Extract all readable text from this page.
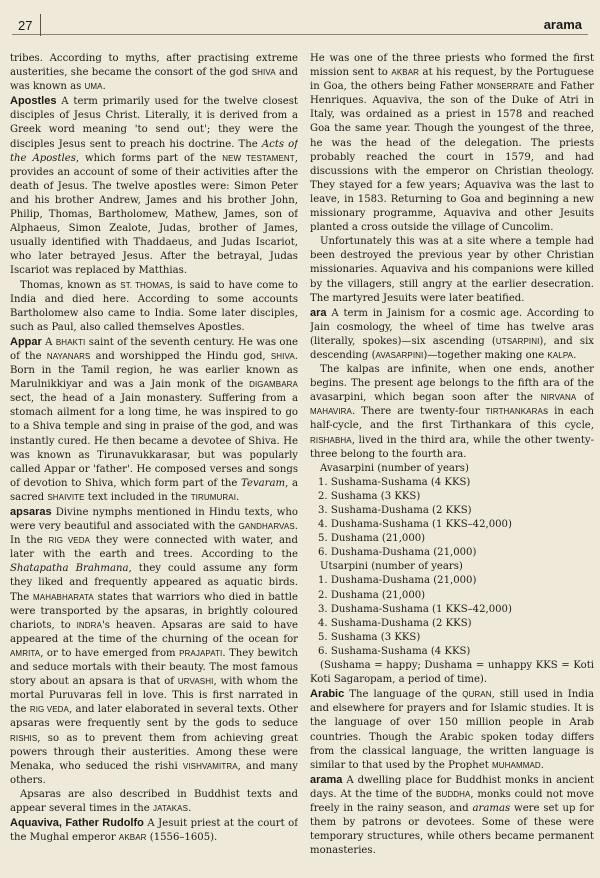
27	arama

tribes. According to myths, after practising extreme austerities, she became the consort of the god SHIVA and was known as UMA.

Apostles A term primarily used for the twelve closest disciples of Jesus Christ. Literally, it is derived from a Greek word meaning 'to send out'; they were the disciples Jesus sent to preach his doctrine. The Acts of the Apostles, which forms part of the NEW TESTAMENT, provides an account of some of their activities after the death of Jesus. The twelve apostles were: Simon Peter and his brother Andrew, James and his brother John, Philip, Thomas, Bartholomew, Mathew, James, son of Alphaeus, Simon Zealote, Judas, brother of James, usually identified with Thaddaeus, and Judas Iscariot, who later betrayed Jesus. After the betrayal, Judas Iscariot was replaced by Matthias.

Thomas, known as ST. THOMAS, is said to have come to India and died here. According to some accounts Bartholomew also came to India. Some later disciples, such as Paul, also called themselves Apostles.

Appar A BHAKTI saint of the seventh century. He was one of the NAYANARS and worshipped the Hindu god, SHIVA. Born in the Tamil region, he was earlier known as Marulnikkiyar and was a Jain monk of the DIGAMBARA sect, the head of a Jain monastery. Suffering from a stomach ailment for a long time, he was inspired to go to a Shiva temple and sing in praise of the god, and was instantly cured. He then became a devotee of Shiva. He was known as Tirunavukkarasar, but was popularly called Appar or 'father'. He composed verses and songs of devotion to Shiva, which form part of the Tevaram, a sacred SHAIVITE text included in the TIRUMURAI.

apsaras Divine nymphs mentioned in Hindu texts, who were very beautiful and associated with the GANDHARVAS. In the RIG VEDA they were connected with water, and later with the earth and trees. According to the Shatapatha Brahmana, they could assume any form they liked and frequently appeared as aquatic birds. The MAHABHARATA states that warriors who died in battle were transported by the apsaras, in brightly coloured chariots, to INDRA's heaven. Apsaras are said to have appeared at the time of the churning of the ocean for AMRITA, or to have emerged from PRAJAPATI. They bewitch and seduce mortals with their beauty. The most famous story about an apsara is that of URVASHI, with whom the mortal Puruvaras fell in love. This is first narrated in the RIG VEDA, and later elaborated in several texts. Other apsaras were frequently sent by the gods to seduce RISHIS, so as to prevent them from achieving great powers through their austerities. Among these were Menaka, who seduced the rishi VISHVAMITRA, and many others.

Apsaras are also described in Buddhist texts and appear several times in the JATAKAS.

Aquaviva, Father Rudolfo A Jesuit priest at the court of the Mughal emperor AKBAR (1556–1605).

He was one of the three priests who formed the first mission sent to AKBAR at his request, by the Portuguese in Goa, the others being Father MONSERRATE and Father Henriques. Aquaviva, the son of the Duke of Atri in Italy, was ordained as a priest in 1578 and reached Goa the same year. Though the youngest of the three, he was the head of the delegation. The priests probably reached the court in 1579, and had discussions with the emperor on Christian theology. They stayed for a few years; Aquaviva was the last to leave, in 1583. Returning to Goa and beginning a new missionary programme, Aquaviva and other Jesuits planted a cross outside the village of Cuncolim.

Unfortunately this was at a site where a temple had been destroyed the previous year by other Christian missionaries. Aquaviva and his companions were killed by the villagers, still angry at the earlier desecration. The martyred Jesuits were later beatified.

ara A term in Jainism for a cosmic age. According to Jain cosmology, the wheel of time has twelve aras (literally, spokes)—six ascending (UTSARPINI), and six descending (AVASARPINI)—together making one KALPA.

The kalpas are infinite, when one ends, another begins. The present age belongs to the fifth ara of the avasarpini, which began soon after the NIRVANA of MAHAVIRA. There are twenty-four TIRTHANKARAs in each half-cycle, and the first Tirthankara of this cycle, RISHABHA, lived in the third ara, while the other twenty-three belong to the fourth ara.

Avasarpini (number of years)
1. Sushama-Sushama (4 KKS)
2. Sushama (3 KKS)
3. Sushama-Dushama (2 KKS)
4. Dushama-Sushama (1 KKS–42,000)
5. Dushama (21,000)
6. Dushama-Dushama (21,000)
Utsarpini (number of years)
1. Dushama-Dushama (21,000)
2. Dushama (21,000)
3. Dushama-Sushama (1 KKS–42,000)
4. Sushama-Dushama (2 KKS)
5. Sushama (3 KKS)
6. Sushama-Sushama (4 KKS)

(Sushama = happy; Dushama = unhappy KKS = Koti Koti Sagaropam, a period of time).

Arabic The language of the QURAN, still used in India and elsewhere for prayers and for Islamic studies. It is the language of over 150 million people in Arab countries. Though the Arabic spoken today differs from the classical language, the written language is similar to that used by the Prophet MUHAMMAD.

arama A dwelling place for Buddhist monks in ancient days. At the time of the BUDDHA, monks could not move freely in the rainy season, and aramas were set up for them by patrons or devotees. Some of these were temporary structures, while others became permanent monasteries.
